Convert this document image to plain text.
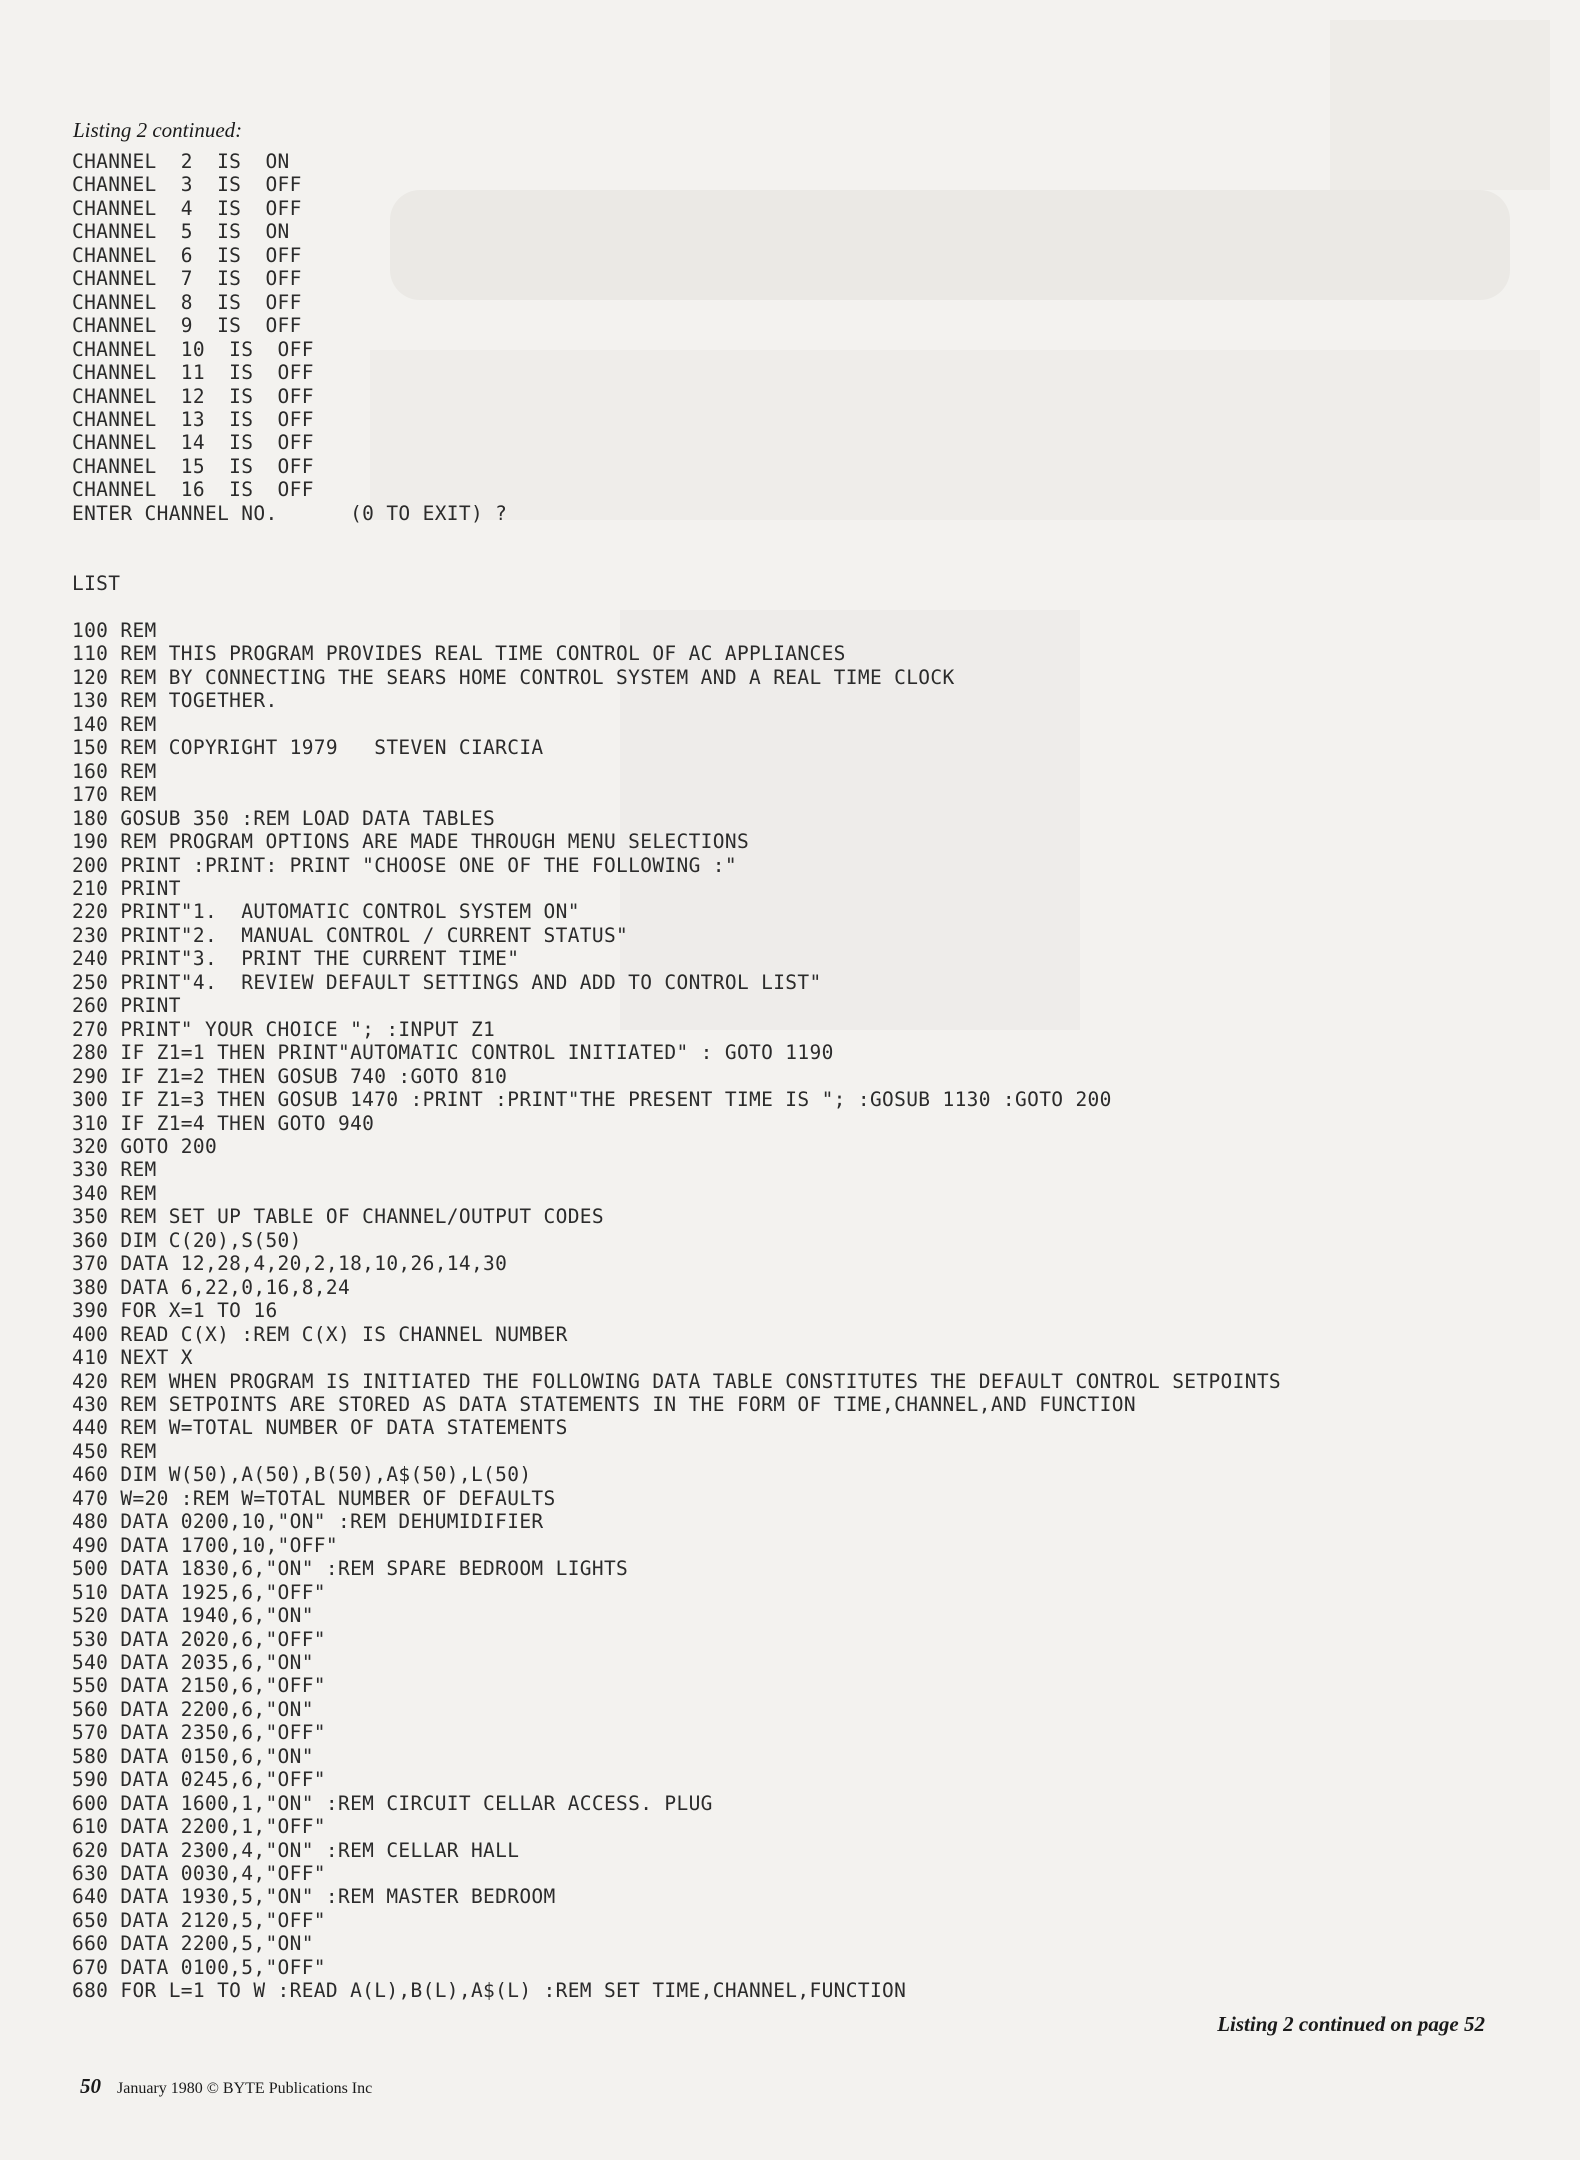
Listing 2 continued:
CHANNEL  2  IS  ON
CHANNEL  3  IS  OFF
CHANNEL  4  IS  OFF
CHANNEL  5  IS  ON
CHANNEL  6  IS  OFF
CHANNEL  7  IS  OFF
CHANNEL  8  IS  OFF
CHANNEL  9  IS  OFF
CHANNEL  10  IS  OFF
CHANNEL  11  IS  OFF
CHANNEL  12  IS  OFF
CHANNEL  13  IS  OFF
CHANNEL  14  IS  OFF
CHANNEL  15  IS  OFF
CHANNEL  16  IS  OFF
ENTER CHANNEL NO.      (0 TO EXIT) ?
LIST
100 REM
110 REM THIS PROGRAM PROVIDES REAL TIME CONTROL OF AC APPLIANCES
120 REM BY CONNECTING THE SEARS HOME CONTROL SYSTEM AND A REAL TIME CLOCK
130 REM TOGETHER.
140 REM
150 REM COPYRIGHT 1979   STEVEN CIARCIA
160 REM
170 REM
180 GOSUB 350 :REM LOAD DATA TABLES
190 REM PROGRAM OPTIONS ARE MADE THROUGH MENU SELECTIONS
200 PRINT :PRINT: PRINT "CHOOSE ONE OF THE FOLLOWING :"
210 PRINT
220 PRINT"1.  AUTOMATIC CONTROL SYSTEM ON"
230 PRINT"2.  MANUAL CONTROL / CURRENT STATUS"
240 PRINT"3.  PRINT THE CURRENT TIME"
250 PRINT"4.  REVIEW DEFAULT SETTINGS AND ADD TO CONTROL LIST"
260 PRINT
270 PRINT" YOUR CHOICE "; :INPUT Z1
280 IF Z1=1 THEN PRINT"AUTOMATIC CONTROL INITIATED" : GOTO 1190
290 IF Z1=2 THEN GOSUB 740 :GOTO 810
300 IF Z1=3 THEN GOSUB 1470 :PRINT :PRINT"THE PRESENT TIME IS "; :GOSUB 1130 :GOTO 200
310 IF Z1=4 THEN GOTO 940
320 GOTO 200
330 REM
340 REM
350 REM SET UP TABLE OF CHANNEL/OUTPUT CODES
360 DIM C(20),S(50)
370 DATA 12,28,4,20,2,18,10,26,14,30
380 DATA 6,22,0,16,8,24
390 FOR X=1 TO 16
400 READ C(X) :REM C(X) IS CHANNEL NUMBER
410 NEXT X
420 REM WHEN PROGRAM IS INITIATED THE FOLLOWING DATA TABLE CONSTITUTES THE DEFAULT CONTROL SETPOINTS
430 REM SETPOINTS ARE STORED AS DATA STATEMENTS IN THE FORM OF TIME,CHANNEL,AND FUNCTION
440 REM W=TOTAL NUMBER OF DATA STATEMENTS
450 REM
460 DIM W(50),A(50),B(50),A$(50),L(50)
470 W=20 :REM W=TOTAL NUMBER OF DEFAULTS
480 DATA 0200,10,"ON" :REM DEHUMIDIFIER
490 DATA 1700,10,"OFF"
500 DATA 1830,6,"ON" :REM SPARE BEDROOM LIGHTS
510 DATA 1925,6,"OFF"
520 DATA 1940,6,"ON"
530 DATA 2020,6,"OFF"
540 DATA 2035,6,"ON"
550 DATA 2150,6,"OFF"
560 DATA 2200,6,"ON"
570 DATA 2350,6,"OFF"
580 DATA 0150,6,"ON"
590 DATA 0245,6,"OFF"
600 DATA 1600,1,"ON" :REM CIRCUIT CELLAR ACCESS. PLUG
610 DATA 2200,1,"OFF"
620 DATA 2300,4,"ON" :REM CELLAR HALL
630 DATA 0030,4,"OFF"
640 DATA 1930,5,"ON" :REM MASTER BEDROOM
650 DATA 2120,5,"OFF"
660 DATA 2200,5,"ON"
670 DATA 0100,5,"OFF"
680 FOR L=1 TO W :READ A(L),B(L),A$(L) :REM SET TIME,CHANNEL,FUNCTION
Listing 2 continued on page 52
50 January 1980 © BYTE Publications Inc
